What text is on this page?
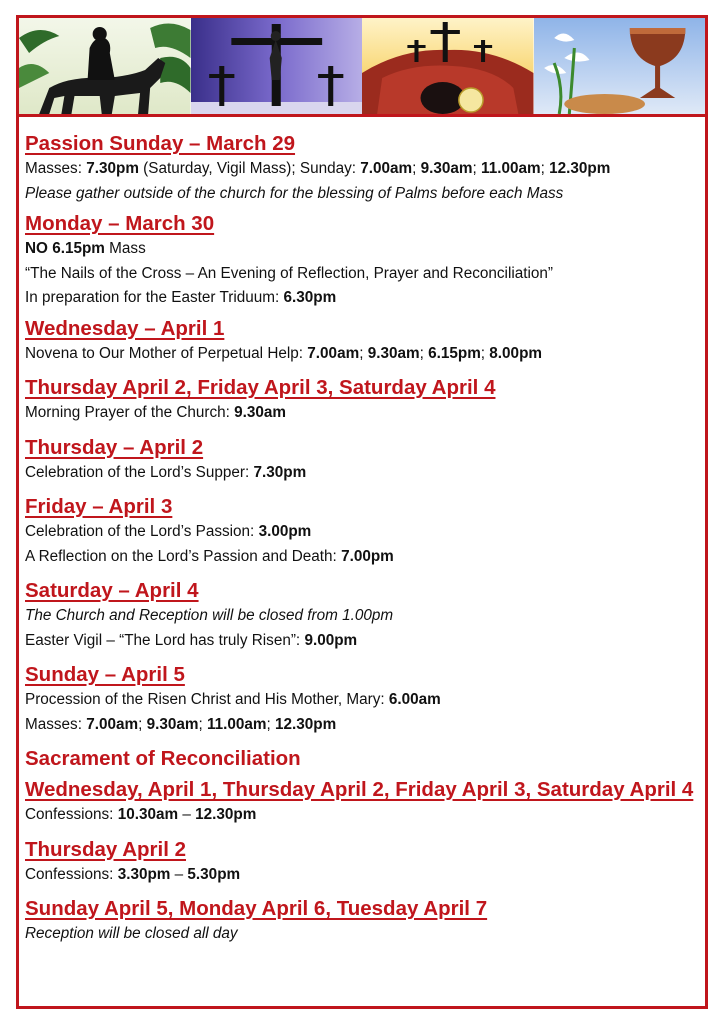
Passion Sunday – March 29
Masses: 7.30pm (Saturday, Vigil Mass); Sunday: 7.00am; 9.30am; 11.00am; 12.30pm
Please gather outside of the church for the blessing of Palms before each Mass
Monday – March 30
NO 6.15pm Mass
“The Nails of the Cross – An Evening of Reflection, Prayer and Reconciliation”
In preparation for the Easter Triduum: 6.30pm
Wednesday – April 1
Novena to Our Mother of Perpetual Help: 7.00am; 9.30am; 6.15pm; 8.00pm
Thursday April 2, Friday April 3, Saturday April 4
Morning Prayer of the Church: 9.30am
Thursday – April 2
Celebration of the Lord’s Supper: 7.30pm
Friday – April 3
Celebration of the Lord’s Passion: 3.00pm
A Reflection on the Lord’s Passion and Death: 7.00pm
Saturday – April 4
The Church and Reception will be closed from 1.00pm
Easter Vigil – “The Lord has truly Risen”: 9.00pm
Sunday – April 5
Procession of the Risen Christ and His Mother, Mary: 6.00am
Masses: 7.00am; 9.30am; 11.00am; 12.30pm
Sacrament of Reconciliation
Wednesday, April 1, Thursday April 2, Friday April 3, Saturday April 4
Confessions: 10.30am – 12.30pm
Thursday April 2
Confessions: 3.30pm – 5.30pm
Sunday April 5, Monday April 6, Tuesday April 7
Reception will be closed all day
